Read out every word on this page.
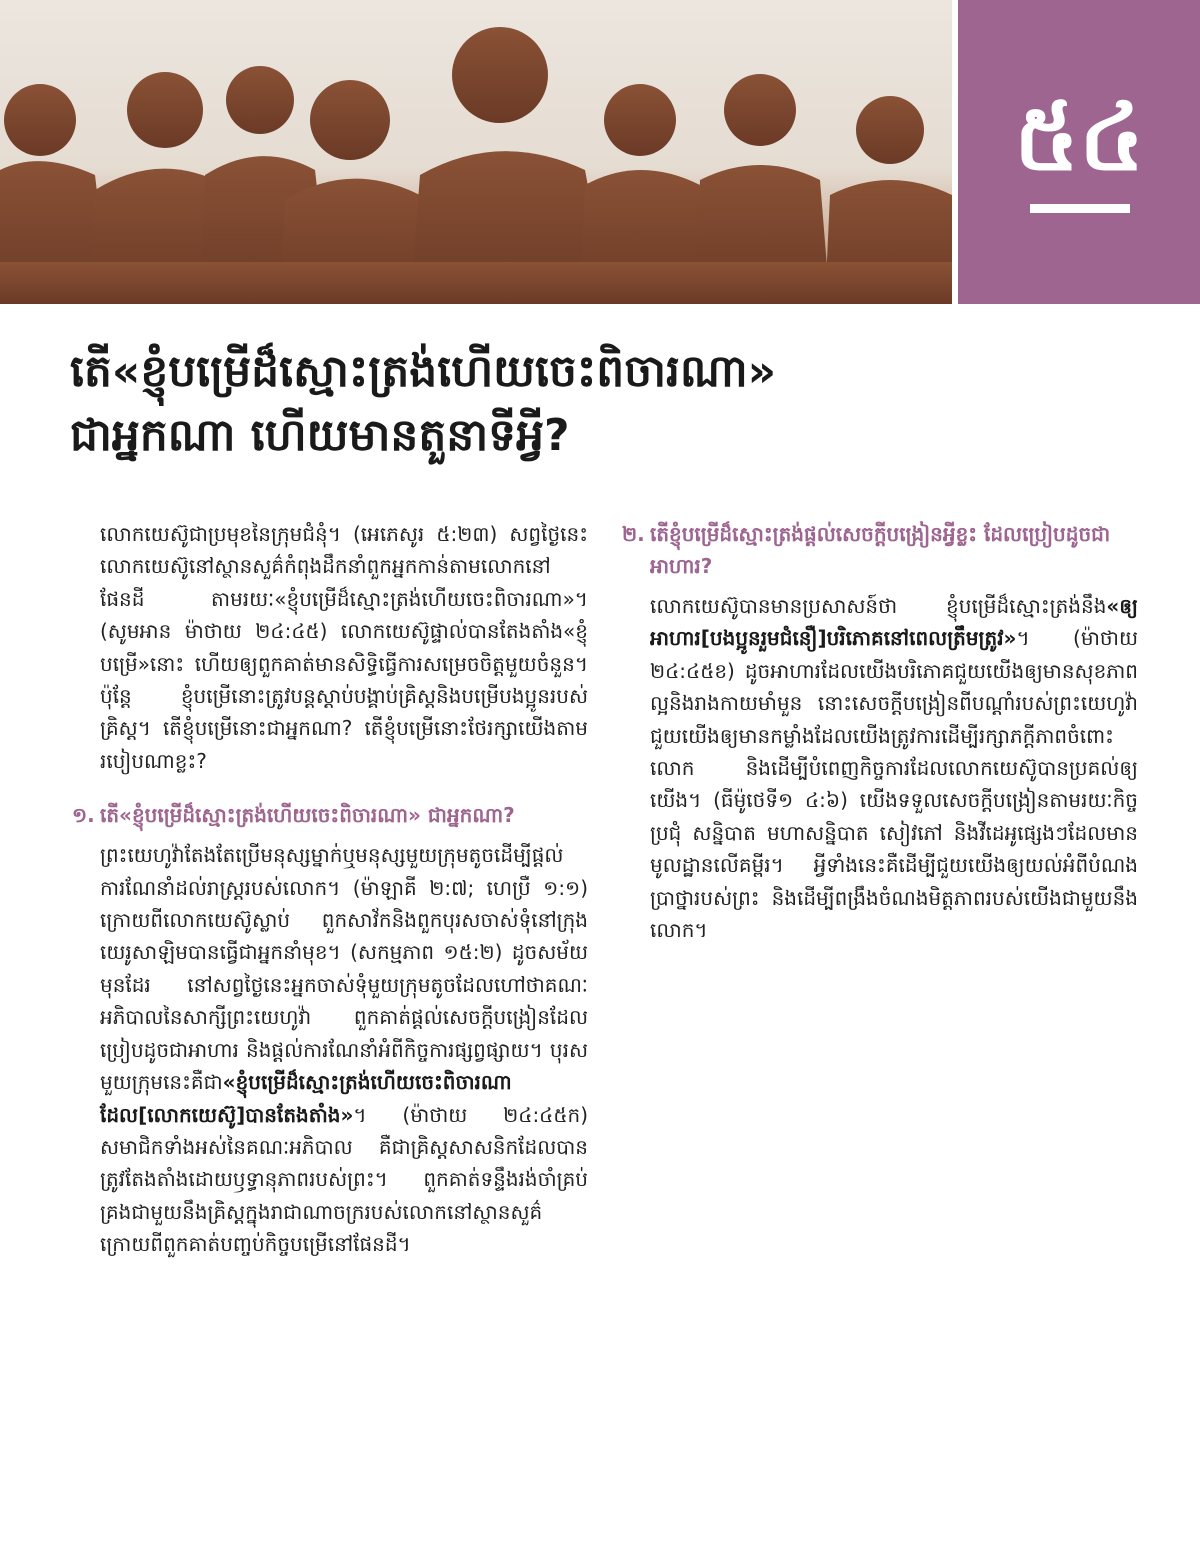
៥៤
តើ«ខ្ញុំបម្រើដ៏ស្មោះត្រង់ហើយចេះពិចារណា»
ជាអ្នកណា ហើយមានតួនាទីអ្វី?

លោកយេស៊ូជាប្រមុខនៃក្រុមជំនុំ។ (អេភេសូរ ៥:២៣) សព្វថ្ងៃនេះ លោកយេស៊ូនៅស្ថានសួគ៌កំពុងដឹកនាំពួកអ្នកកាន់តាមលោកនៅផែនដី តាមរយៈ«ខ្ញុំបម្រើដ៏ស្មោះត្រង់ហើយចេះពិចារណា»។ (សូមអាន ម៉ាថាយ ២៤:៤៥) លោកយេស៊ូផ្ទាល់បានតែងតាំង«ខ្ញុំបម្រើ»នោះ ហើយឲ្យពួកគាត់មានសិទ្ធិធ្វើការសម្រេចចិត្តមួយចំនួន។ ប៉ុន្តែ ខ្ញុំបម្រើនោះត្រូវបន្តស្ដាប់បង្គាប់គ្រិស្តនិងបម្រើបងប្អូនរបស់គ្រិស្ត។ តើខ្ញុំបម្រើនោះជាអ្នកណា? តើខ្ញុំបម្រើនោះថែរក្សាយើងតាមរបៀបណាខ្លះ?

១. តើ«ខ្ញុំបម្រើដ៏ស្មោះត្រង់ហើយចេះពិចារណា» ជាអ្នកណា?

ព្រះយេហូវ៉ាតែងតែប្រើមនុស្សម្នាក់ឬមនុស្សមួយក្រុមតូចដើម្បីផ្ដល់ការណែនាំដល់រាស្ត្ររបស់លោក។ (ម៉ាឡាគី ២:៧; ហេប្រឺ ១:១) ក្រោយពីលោកយេស៊ូស្លាប់ ពួកសាវ័កនិងពួកបុរសចាស់ទុំនៅក្រុងយេរូសាឡិមបានធ្វើជាអ្នកនាំមុខ។ (សកម្មភាព ១៥:២) ដូចសម័យមុនដែរ នៅសព្វថ្ងៃនេះអ្នកចាស់ទុំមួយក្រុមតូចដែលហៅថាគណៈអភិបាលនៃសាក្សីព្រះយេហូវ៉ា ពួកគាត់ផ្ដល់សេចក្ដីបង្រៀនដែលប្រៀបដូចជាអាហារ និងផ្ដល់ការណែនាំអំពីកិច្ចការផ្សព្វផ្សាយ។ បុរសមួយក្រុមនេះគឺជា«ខ្ញុំបម្រើដ៏ស្មោះត្រង់ហើយចេះពិចារណា ដែល[លោកយេស៊ូ]បានតែងតាំង»។ (ម៉ាថាយ ២៤:៤៥ក) សមាជិកទាំងអស់នៃគណៈអភិបាល គឺជាគ្រិស្តសាសនិកដែលបានត្រូវតែងតាំងដោយឫទ្ធានុភាពរបស់ព្រះ។ ពួកគាត់ទន្ទឹងរង់ចាំគ្រប់គ្រងជាមួយនឹងគ្រិស្តក្នុងរាជាណាចក្ររបស់លោកនៅស្ថានសួគ៌ ក្រោយពីពួកគាត់បញ្ចប់កិច្ចបម្រើនៅផែនដី។

២. តើខ្ញុំបម្រើដ៏ស្មោះត្រង់ផ្ដល់សេចក្ដីបង្រៀនអ្វីខ្លះ ដែលប្រៀបដូចជាអាហារ?

លោកយេស៊ូបានមានប្រសាសន៍ថា ខ្ញុំបម្រើដ៏ស្មោះត្រង់នឹង«ឲ្យអាហារ[បងប្អូនរួមជំនឿ]បរិភោគនៅពេលត្រឹមត្រូវ»។ (ម៉ាថាយ ២៤:៤៥ខ) ដូចអាហារដែលយើងបរិភោគជួយយើងឲ្យមានសុខភាពល្អនិងរាងកាយមាំមួន នោះសេចក្ដីបង្រៀនពីបណ្ដាំរបស់ព្រះយេហូវ៉ាជួយយើងឲ្យមានកម្លាំងដែលយើងត្រូវការដើម្បីរក្សាភក្ដីភាពចំពោះលោក និងដើម្បីបំពេញកិច្ចការដែលលោកយេស៊ូបានប្រគល់ឲ្យយើង។ (ធីម៉ូថេទី១ ៤:៦) យើងទទួលសេចក្ដីបង្រៀនតាមរយៈកិច្ចប្រជុំ សន្និបាត មហាសន្និបាត សៀវភៅ និងវីដេអូផ្សេងៗដែលមានមូលដ្ឋានលើគម្ពីរ។ អ្វីទាំងនេះគឺដើម្បីជួយយើងឲ្យយល់អំពីបំណងប្រាថ្នារបស់ព្រះ និងដើម្បីពង្រឹងចំណងមិត្តភាពរបស់យើងជាមួយនឹងលោក។
